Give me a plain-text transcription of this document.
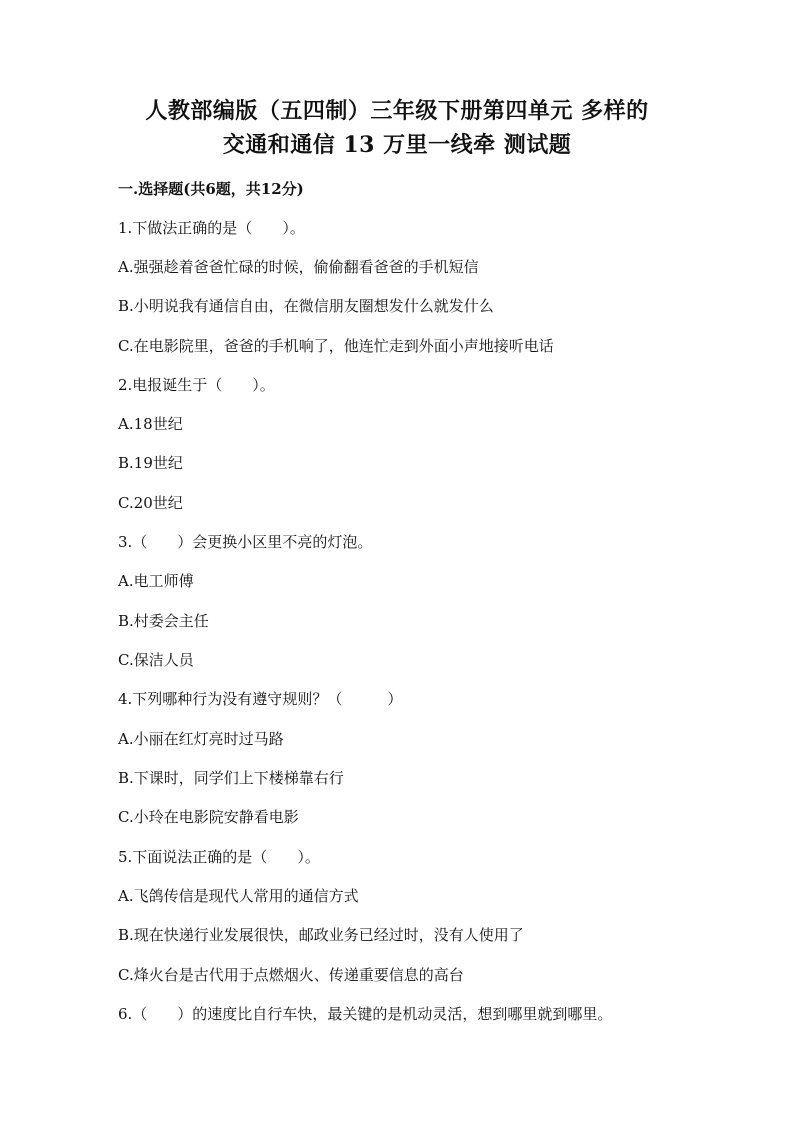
人教部编版（五四制）三年级下册第四单元 多样的
交通和通信 13 万里一线牵 测试题
一.选择题(共6题，共12分)
1.下做法正确的是（　　）。
A.强强趁着爸爸忙碌的时候，偷偷翻看爸爸的手机短信
B.小明说我有通信自由，在微信朋友圈想发什么就发什么
C.在电影院里，爸爸的手机响了，他连忙走到外面小声地接听电话
2.电报诞生于（　　）。
A.18世纪
B.19世纪
C.20世纪
3.（　　）会更换小区里不亮的灯泡。
A.电工师傅
B.村委会主任
C.保洁人员
4.下列哪种行为没有遵守规则？（　　　）
A.小丽在红灯亮时过马路
B.下课时，同学们上下楼梯靠右行
C.小玲在电影院安静看电影
5.下面说法正确的是（　　）。
A.飞鸽传信是现代人常用的通信方式
B.现在快递行业发展很快，邮政业务已经过时，没有人使用了
C.烽火台是古代用于点燃烟火、传递重要信息的高台
6.（　　）的速度比自行车快，最关键的是机动灵活，想到哪里就到哪里。
